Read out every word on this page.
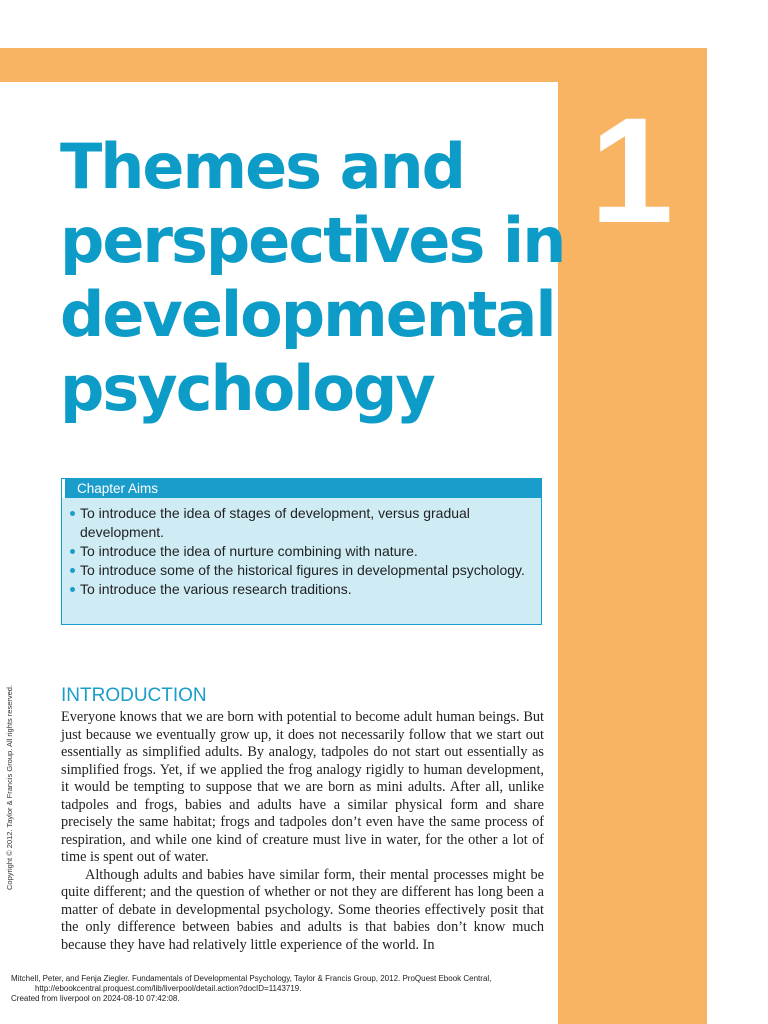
1
Themes and
perspectives in
developmental
psychology
Chapter Aims
To introduce the idea of stages of development, versus gradual development.
To introduce the idea of nurture combining with nature.
To introduce some of the historical figures in developmental psychology.
To introduce the various research traditions.
Copyright © 2012. Taylor & Francis Group. All rights reserved. INTRODUCTION

Everyone knows that we are born with potential to become adult human beings. But just because we eventually grow up, it does not necessarily follow that we start out essentially as simplified adults. By analogy, tadpoles do not start out essentially as simplified frogs. Yet, if we applied the frog analogy rigidly to human development, it would be tempting to suppose that we are born as mini adults. After all, unlike tadpoles and frogs, babies and adults have a similar physical form and share precisely the same habitat; frogs and tadpoles don’t even have the same process of respiration, and while one kind of creature must live in water, for the other a lot of time is spent out of water.

Although adults and babies have similar form, their mental processes might be quite different; and the question of whether or not they are different has long been a matter of debate in developmental psychology. Some theories effectively posit that the only difference between babies and adults is that babies don’t know much because they have had relatively little experience of the world. In

Mitchell, Peter, and Fenja Ziegler. Fundamentals of Developmental Psychology, Taylor & Francis Group, 2012. ProQuest Ebook Central,
http://ebookcentral.proquest.com/lib/liverpool/detail.action?docID=1143719.
Created from liverpool on 2024-08-10 07:42:08.
